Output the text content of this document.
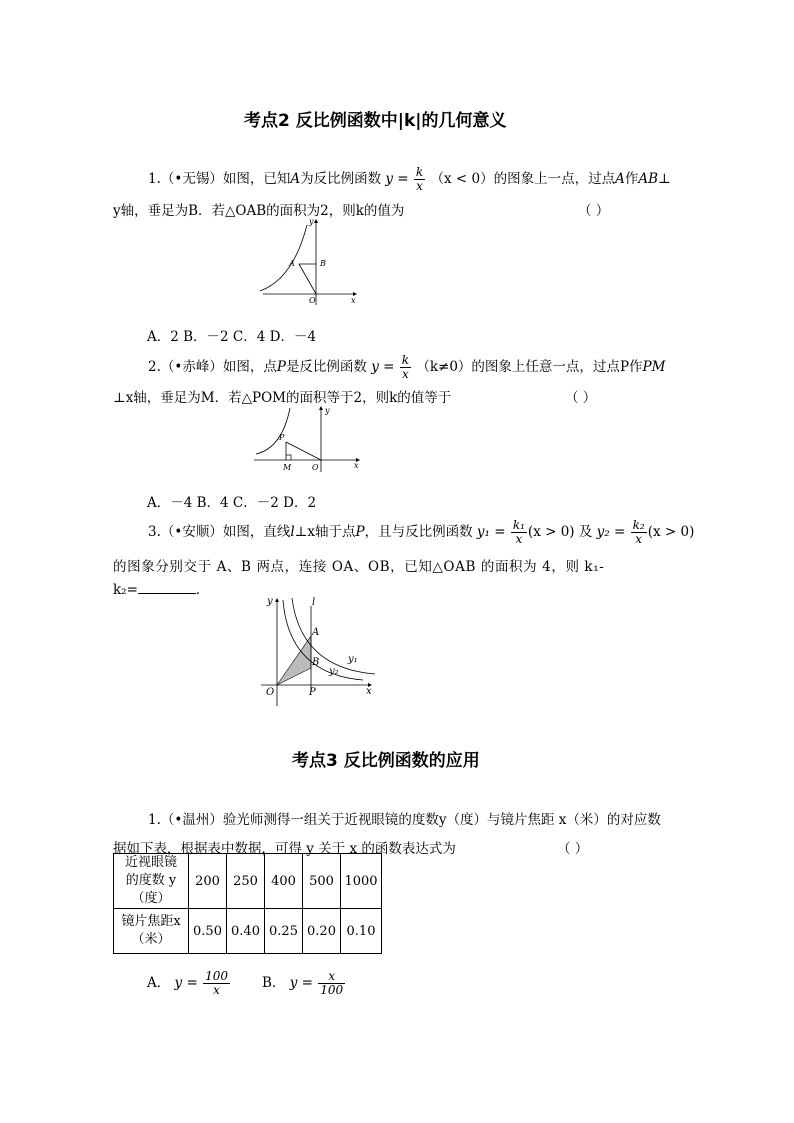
考点2 反比例函数中|k|的几何意义
1.（•无锡）如图，已知A为反比例函数 $y = \frac{k}{x} (x < 0)$的图象上一点，过点A作AB⊥
y轴，垂足为B．若△OAB的面积为2，则k的值为	（ ）
y
A	B
O	x
A．2 B．－2 C．4 D．－4
2.（•赤峰）如图，点P是反比例函数 $y = \frac{k}{x} (k\ne 0)$的图象上任意一点，过点P作PM
⊥x轴，垂足为M．若△POM的面积等于2，则k的值等于	（ ）
y
P
M	O	x
A．－4 B．4 C．－2 D．2
3.（•安顺）如图，直线l⊥x轴于点P，且与反比例函数 $y_1 = \frac{\text{k₁}}{x} (x > 0)$ 及 $y_2 = \frac{\text{k₂}}{x} (x > 0)$
的图象分别交于 A、B 两点，连接 OA、OB，已知△OAB 的面积为 4，则 k₁-
k₂=	．
y	l
A
B	y₁
y₂
O	P	x
考点3 反比例函数的应用
1.（•温州）验光师测得一组关于近视眼镜的度数y（度）与镜片焦距 x（米）的对应数
据如下表，根据表中数据，可得 y 关于 x 的函数表达式为	（ ）
近视眼镜
的度数 y
（度）	200	250	400	500	1000

镜片焦距x
（米）	0.50	0.40	0.25	0.20	0.10
A． $y = \frac{100}{x}$ B． $y = \frac{x}{100}$
